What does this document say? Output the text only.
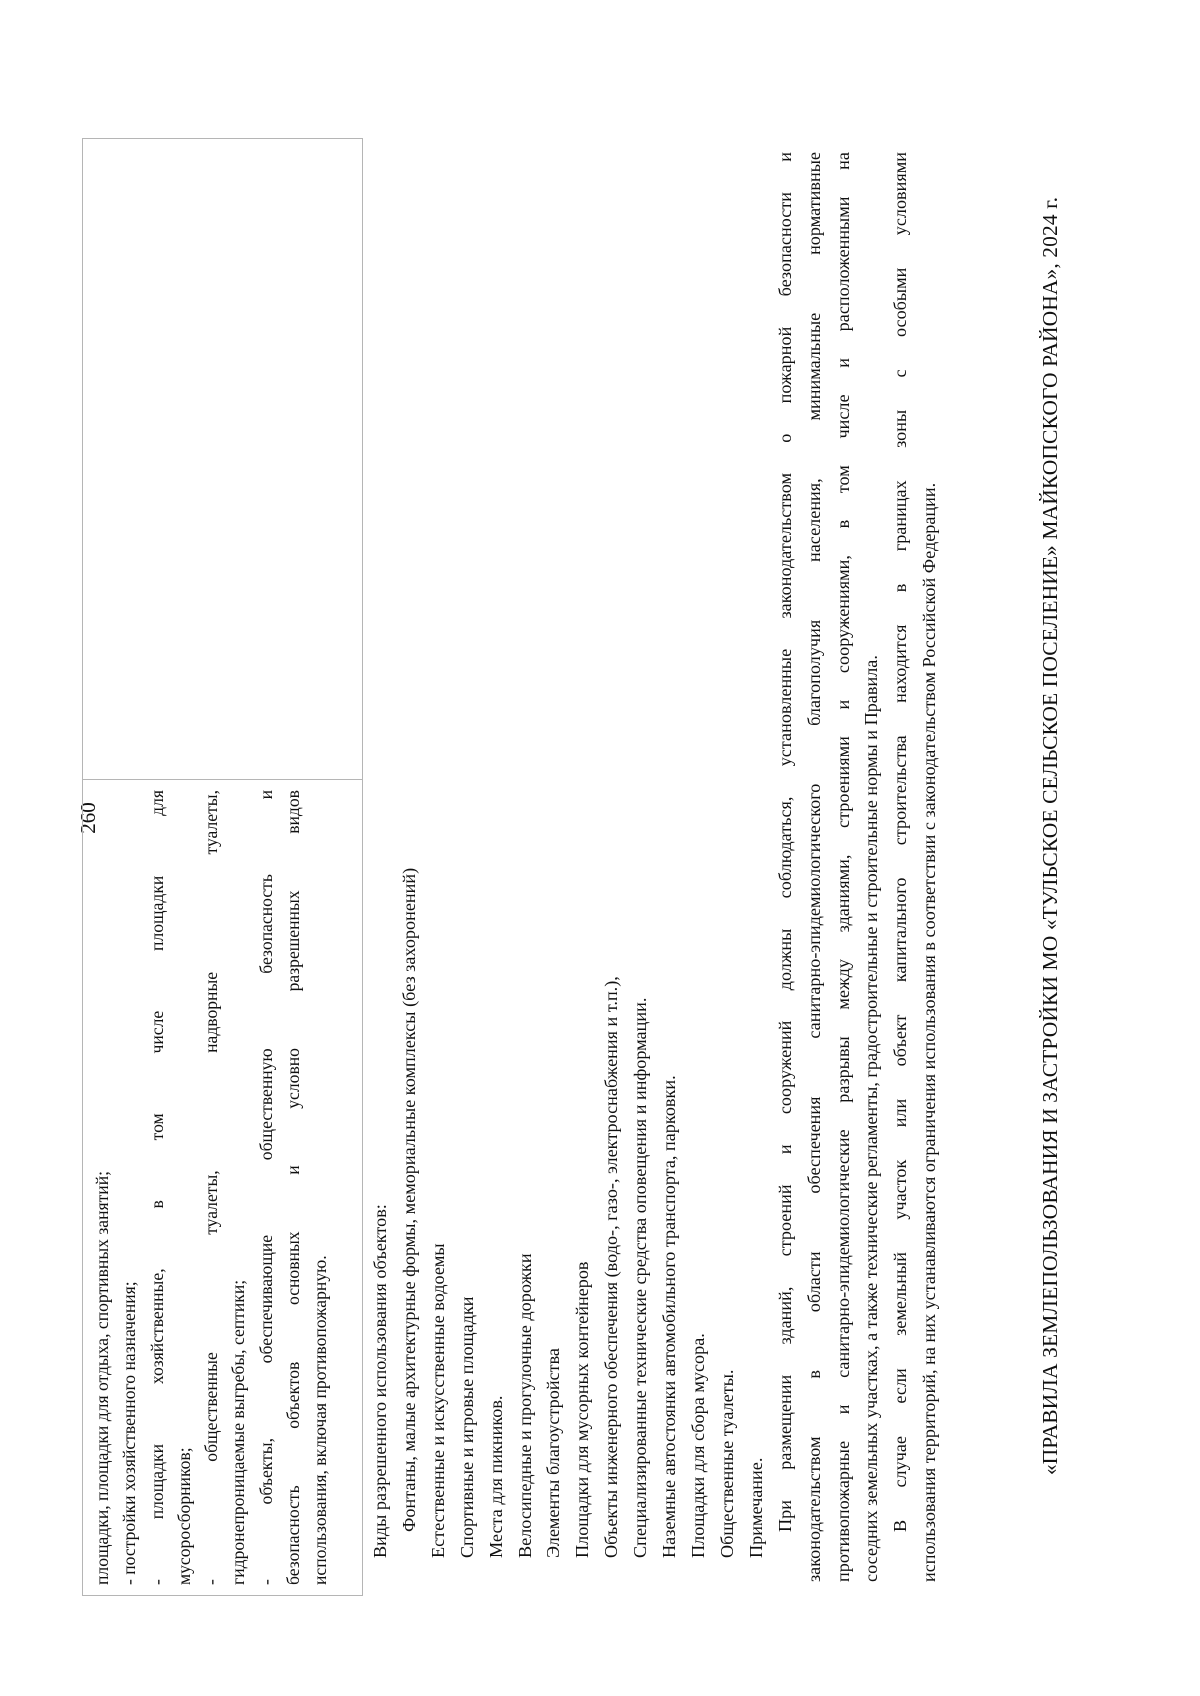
260
площадки, площадки для отдыха, спортивных занятий; - постройки хозяйственного назначения; - площадки хозяйственные, в том числе площадки для мусоросборников; - общественные туалеты, надворные туалеты, гидронепроницаемые выгребы, септики; - объекты, обеспечивающие общественную безопасность и безопасность объектов основных и условно разрешенных видов использования, включая противопожарную.
	Виды разрешенного использования объектов: Фонтаны, малые архитектурные формы, мемориальные комплексы (без захоронений) Естественные и искусственные водоемы Спортивные и игровые площадки Места для пикников. Велосипедные и прогулочные дорожки Элементы благоустройства Площадки для мусорных контейнеров Объекты инженерного обеспечения (водо-, газо-, электроснабжения и т.п.), Специализированные технические средства оповещения и информации. Наземные автостоянки автомобильного транспорта, парковки. Площадки для сбора мусора. Общественные туалеты. Примечание. При размещении зданий, строений и сооружений должны соблюдаться, установленные законодательством о пожарной безопасности и законодательством в области обеспечения санитарно-эпидемиологического благополучия населения, минимальные нормативные противопожарные и санитарно-эпидемиологические разрывы между зданиями, строениями и сооружениями, в том числе и расположенными на соседних земельных участках, а также технические регламенты, градостроительные и строительные нормы и Правила. В случае если земельный участок или объект капитального строительства находится в границах зоны с особыми условиями использования территорий, на них устанавливаются ограничения использования в соответствии с законодательством Российской Федерации.	«ПРАВИЛА ЗЕМЛЕПОЛЬЗОВАНИЯ И ЗАСТРОЙКИ МО «ТУЛЬСКОЕ СЕЛЬСКОЕ ПОСЕЛЕНИЕ» МАЙКОПСКОГО РАЙОНА», 2024 г.
